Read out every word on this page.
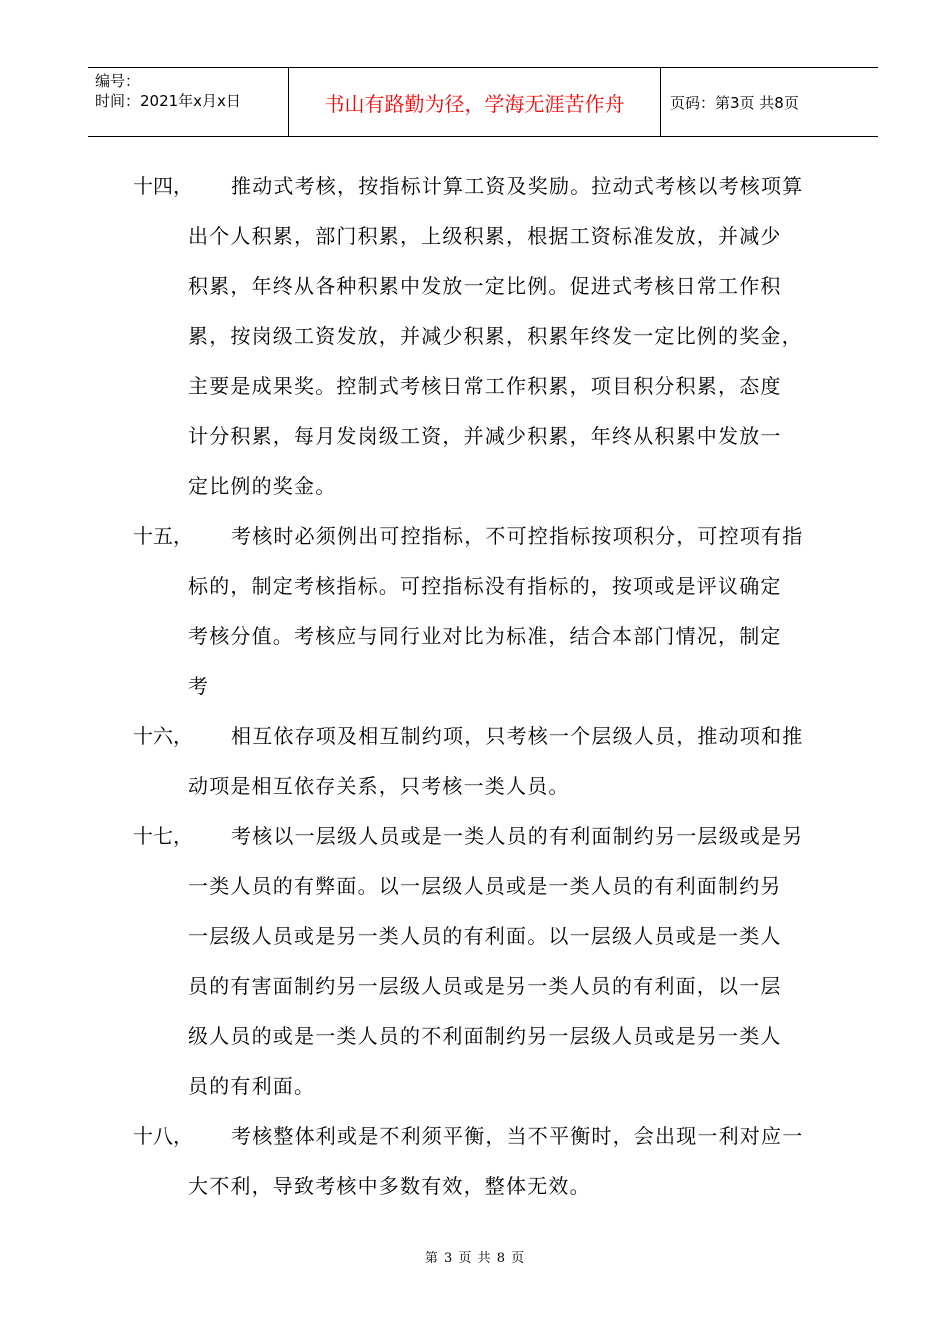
编号：
时间：2021年x月x日	书山有路勤为径，学海无涯苦作舟	页码：第3页 共8页
十四，	推动式考核，按指标计算工资及奖励。拉动式考核以考核项算
出个人积累，部门积累，上级积累，根据工资标准发放，并减少
积累，年终从各种积累中发放一定比例。促进式考核日常工作积
累，按岗级工资发放，并减少积累，积累年终发一定比例的奖金，
主要是成果奖。控制式考核日常工作积累，项目积分积累，态度
计分积累，每月发岗级工资，并减少积累，年终从积累中发放一
定比例的奖金。
十五，	考核时必须例出可控指标，不可控指标按项积分，可控项有指
标的，制定考核指标。可控指标没有指标的，按项或是评议确定
考核分值。考核应与同行业对比为标准，结合本部门情况，制定
考
十六，	相互依存项及相互制约项，只考核一个层级人员，推动项和推
动项是相互依存关系，只考核一类人员。
十七，	考核以一层级人员或是一类人员的有利面制约另一层级或是另
一类人员的有弊面。以一层级人员或是一类人员的有利面制约另
一层级人员或是另一类人员的有利面。以一层级人员或是一类人
员的有害面制约另一层级人员或是另一类人员的有利面，以一层
级人员的或是一类人员的不利面制约另一层级人员或是另一类人
员的有利面。
十八，	考核整体利或是不利须平衡，当不平衡时，会出现一利对应一
大不利，导致考核中多数有效，整体无效。
第 3 页 共 8 页
